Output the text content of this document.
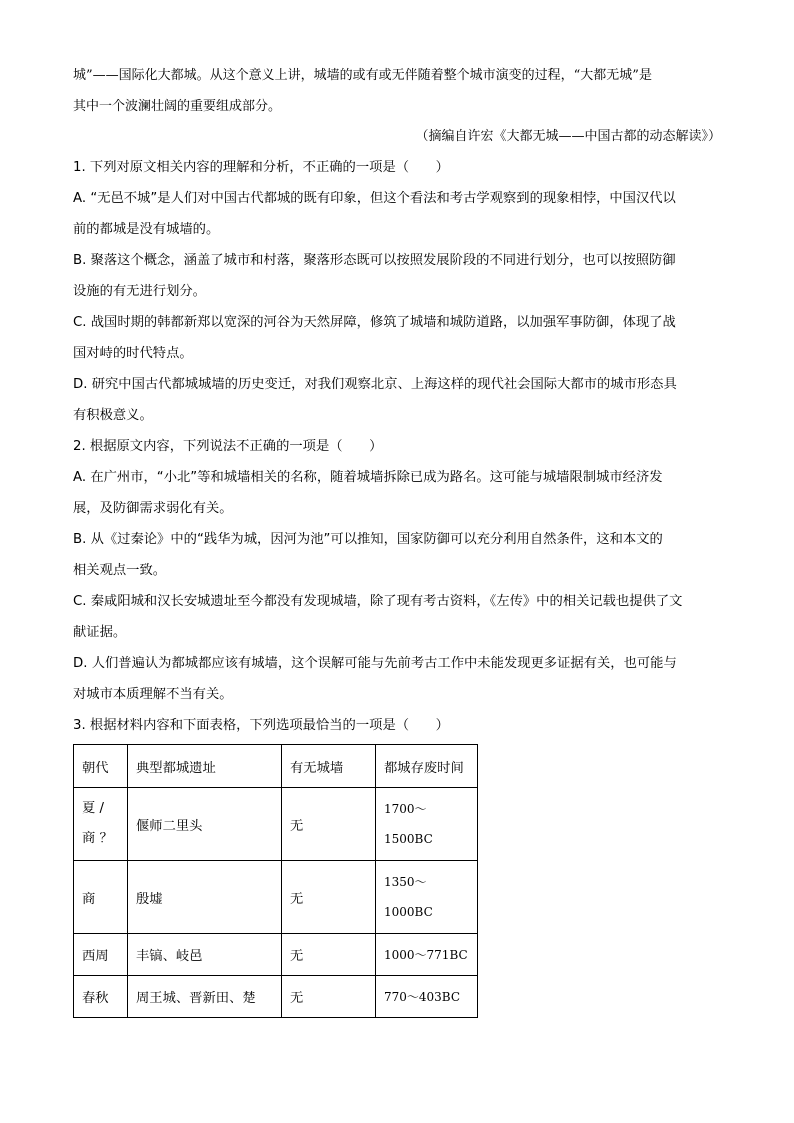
城”——国际化大都城。从这个意义上讲，城墙的或有或无伴随着整个城市演变的过程，“大都无城”是
其中一个波澜壮阔的重要组成部分。
（摘编自许宏《大都无城——中国古都的动态解读》）
1. 下列对原文相关内容的理解和分析，不正确的一项是（　　）
A. “无邑不城”是人们对中国古代都城的既有印象，但这个看法和考古学观察到的现象相悖，中国汉代以
前的都城是没有城墙的。
B. 聚落这个概念，涵盖了城市和村落，聚落形态既可以按照发展阶段的不同进行划分，也可以按照防御
设施的有无进行划分。
C. 战国时期的韩都新郑以宽深的河谷为天然屏障，修筑了城墙和城防道路，以加强军事防御，体现了战
国对峙的时代特点。
D. 研究中国古代都城城墙的历史变迁，对我们观察北京、上海这样的现代社会国际大都市的城市形态具
有积极意义。
2. 根据原文内容，下列说法不正确的一项是（　　）
A. 在广州市，“小北”等和城墙相关的名称，随着城墙拆除已成为路名。这可能与城墙限制城市经济发
展，及防御需求弱化有关。
B. 从《过秦论》中的“践华为城，因河为池”可以推知，国家防御可以充分利用自然条件，这和本文的
相关观点一致。
C. 秦咸阳城和汉长安城遗址至今都没有发现城墙，除了现有考古资料，《左传》中的相关记载也提供了文
献证据。
D. 人们普遍认为都城都应该有城墙，这个误解可能与先前考古工作中未能发现更多证据有关，也可能与
对城市本质理解不当有关。
3. 根据材料内容和下面表格，下列选项最恰当的一项是（　　）
朝代	典型都城遗址	有无城墙	都城存废时间

夏 /
商 ？	偃师二里头	无	1700～
1500BC

商	殷墟	无	1350～
1000BC

西周	丰镐、岐邑	无	1000～771BC
春秋	周王城、晋新田、楚	无	770～403BC
